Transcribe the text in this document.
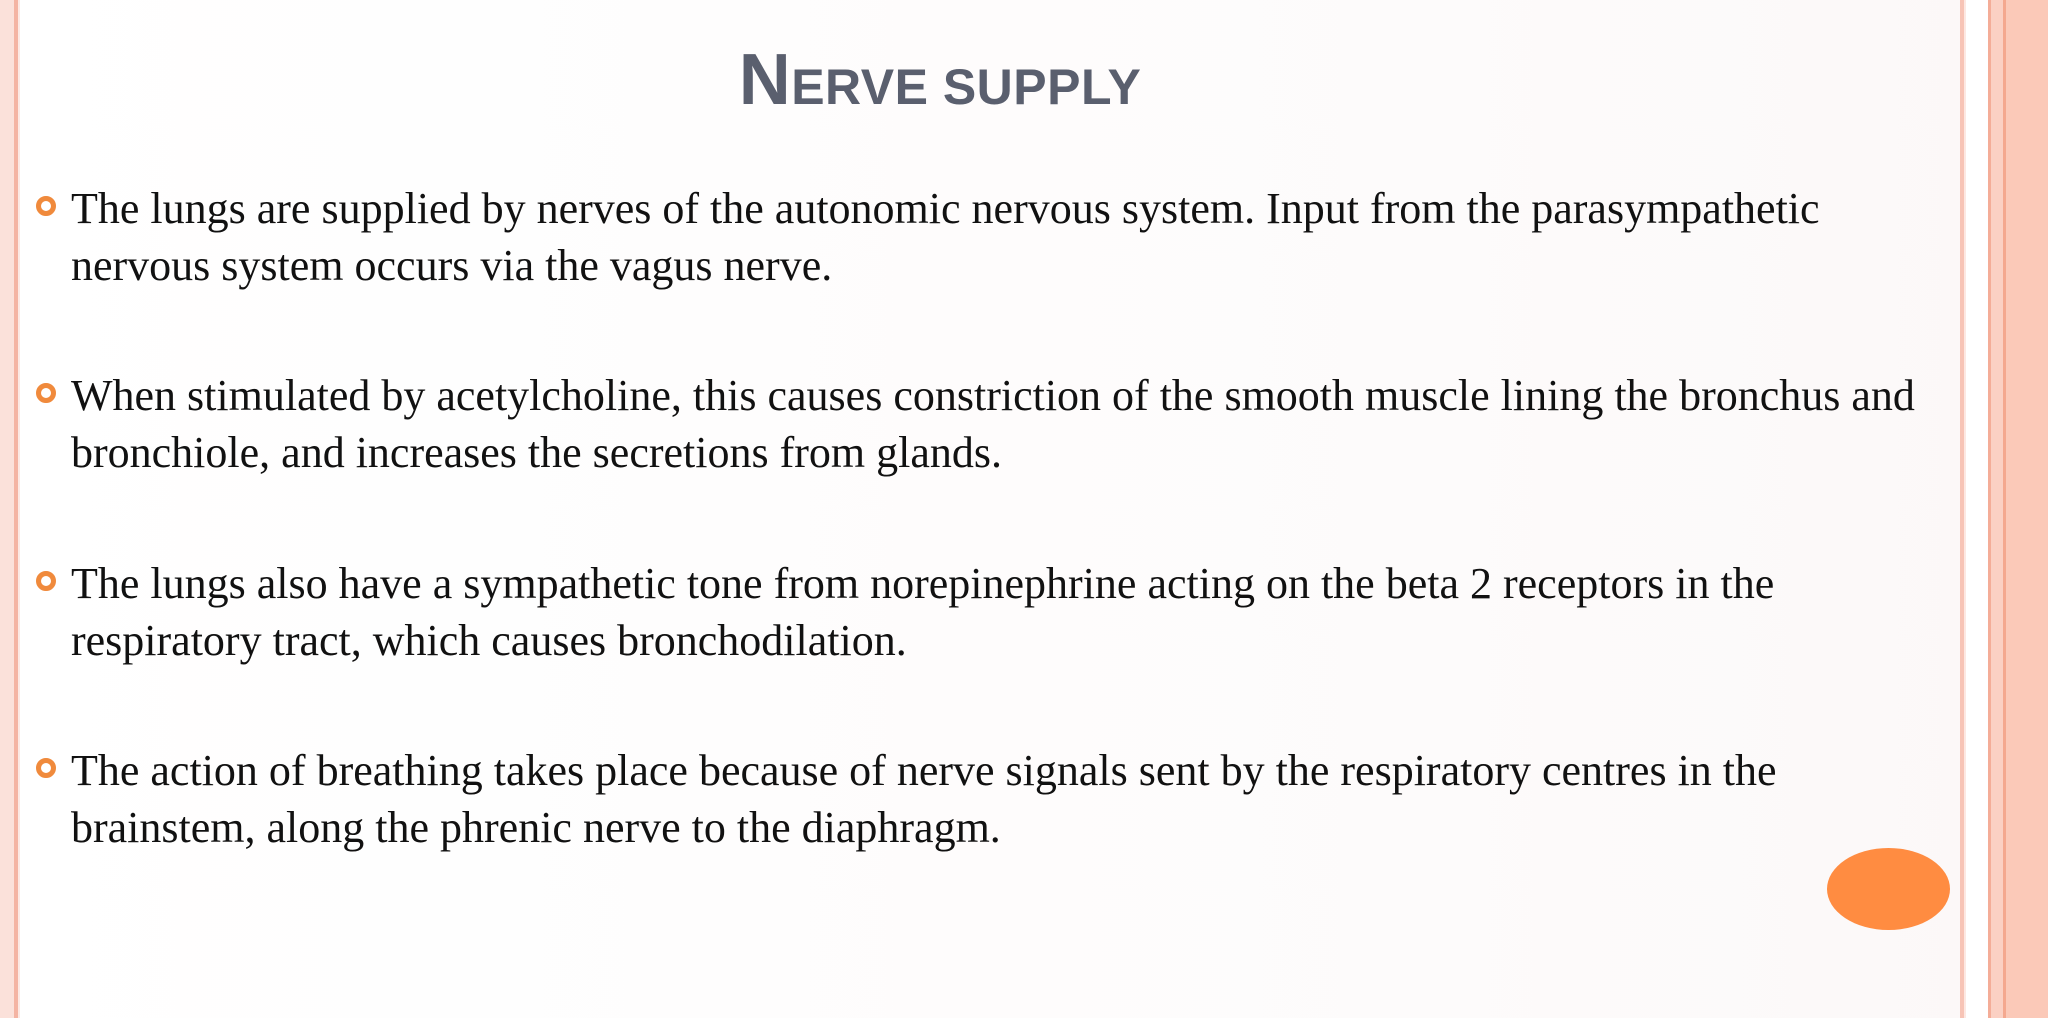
NERVE SUPPLY
The lungs are supplied by nerves of the autonomic nervous system. Input from the parasympathetic
nervous system occurs via the vagus nerve.
When stimulated by acetylcholine, this causes constriction of the smooth muscle lining the bronchus and
bronchiole, and increases the secretions from glands.
The lungs also have a sympathetic tone from norepinephrine acting on the beta 2 receptors in the
respiratory tract, which causes bronchodilation.
The action of breathing takes place because of nerve signals sent by the respiratory centres in the
brainstem, along the phrenic nerve to the diaphragm.
